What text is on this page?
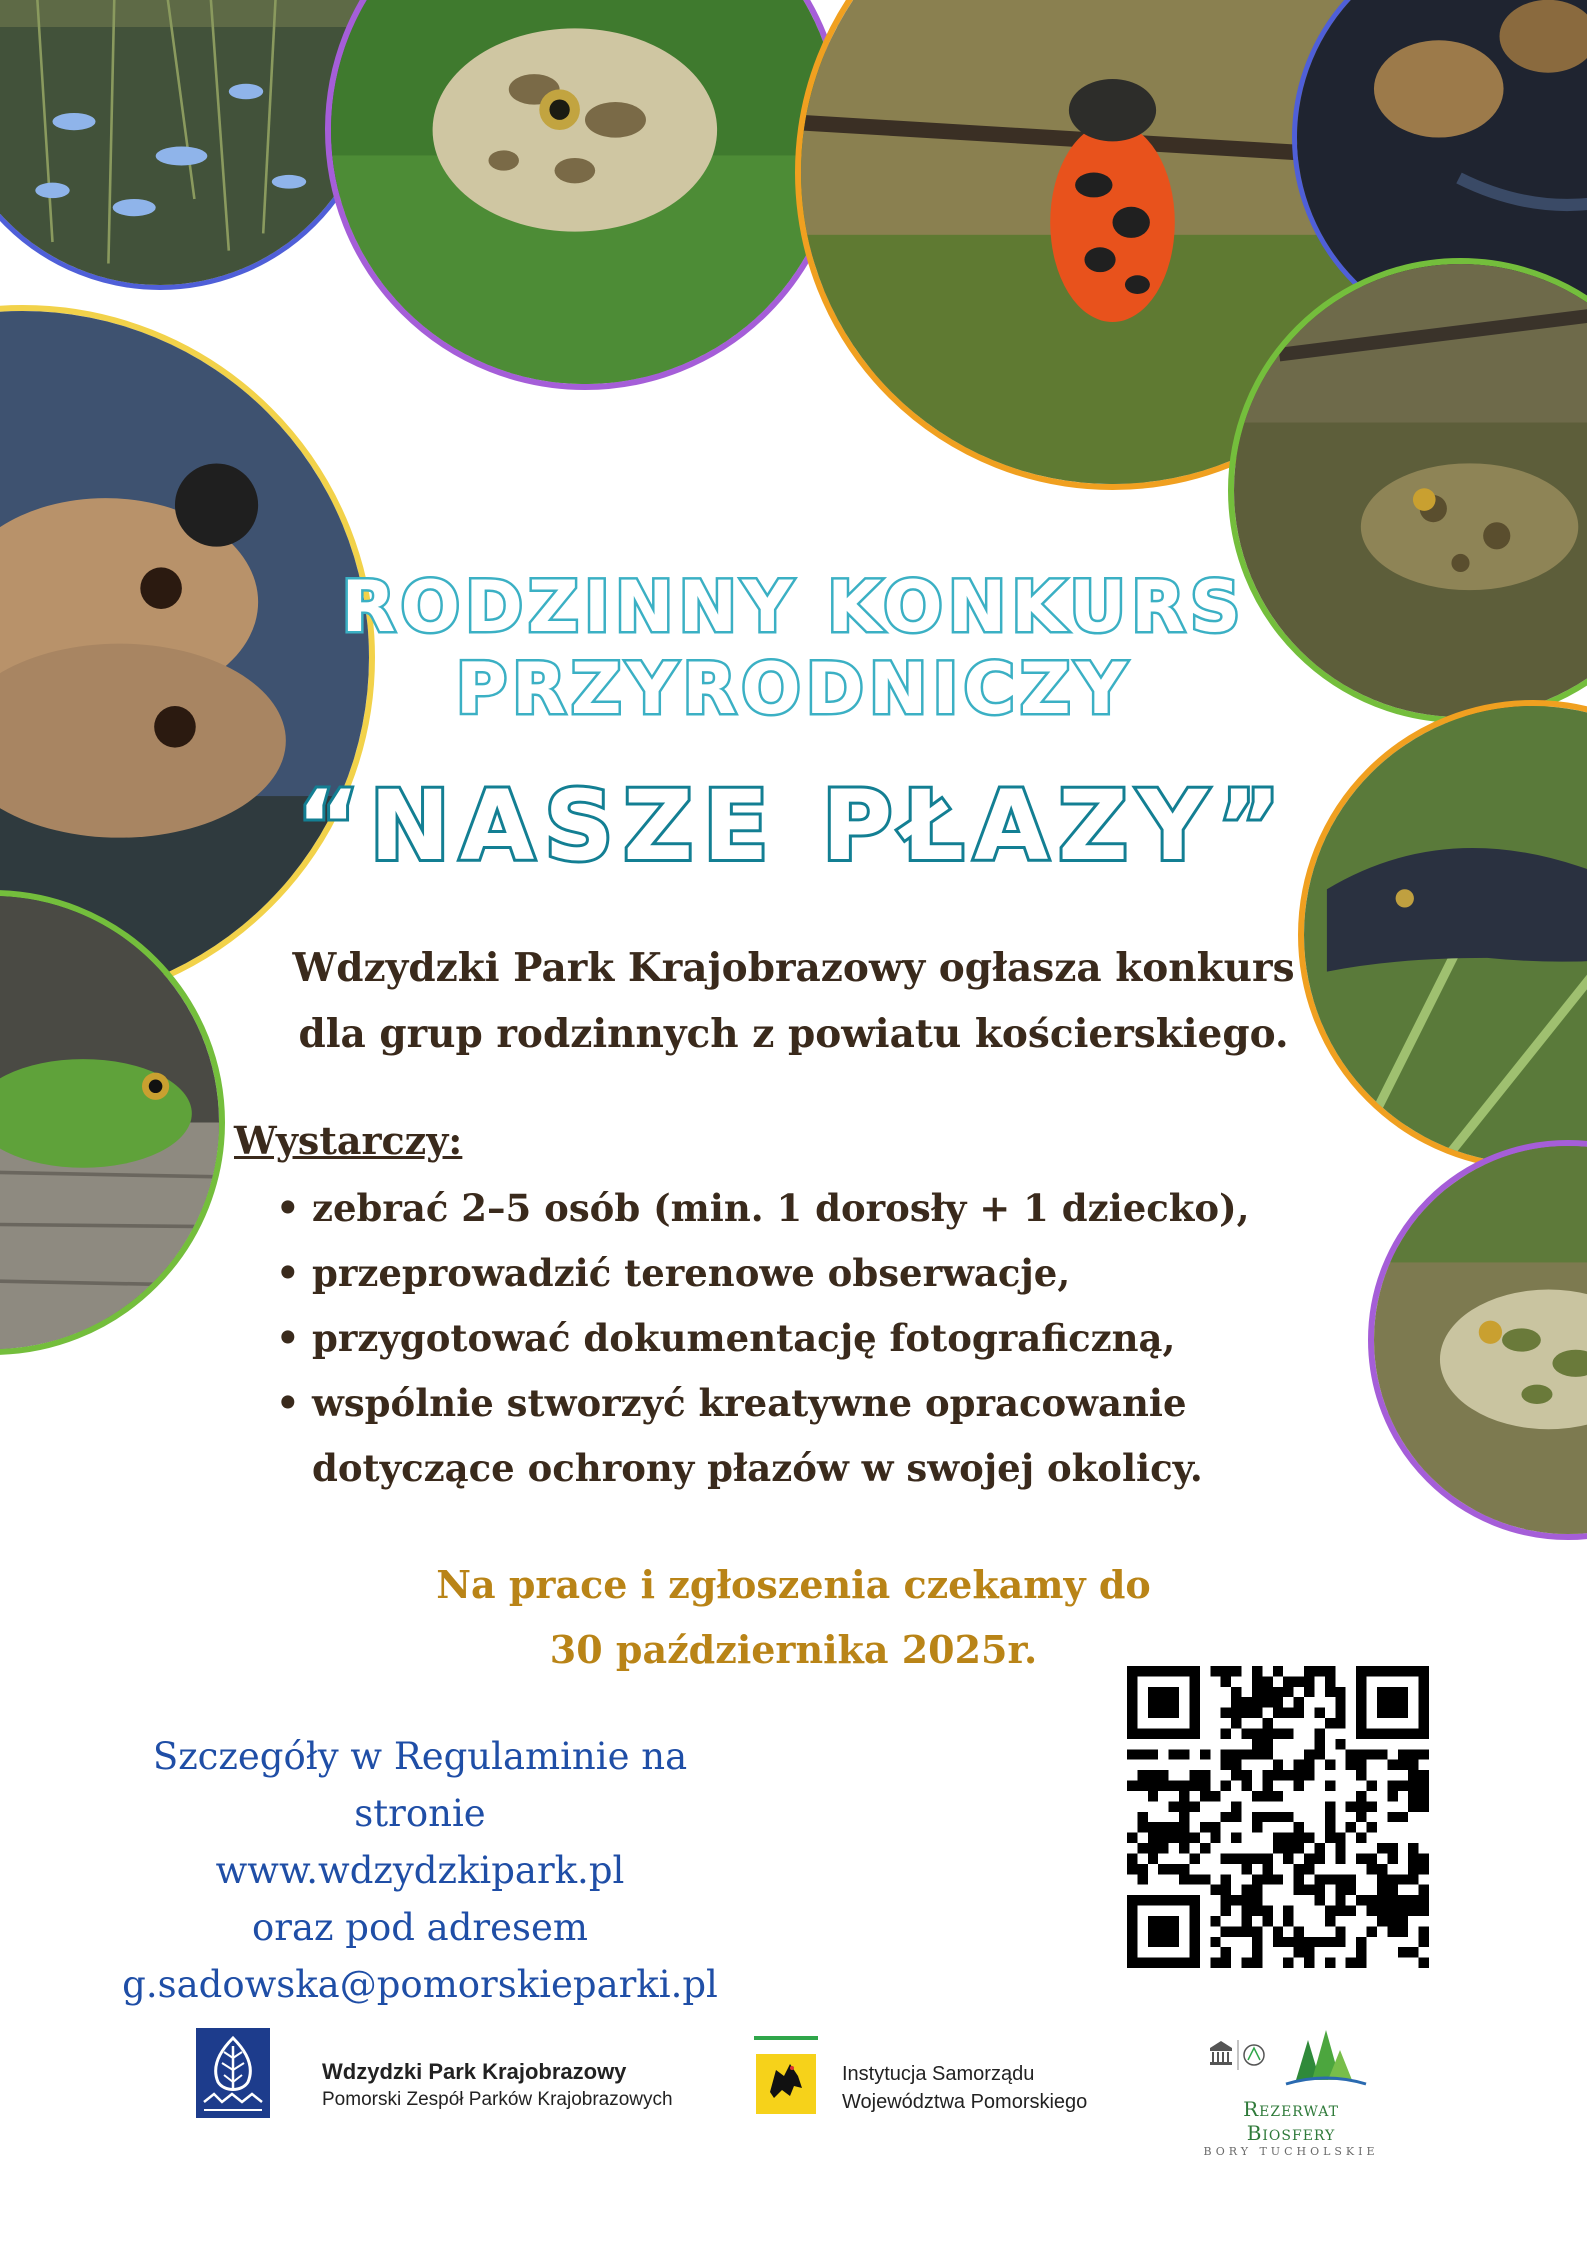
RODZINNY KONKURS
PRZYRODNICZY
“NASZE PŁAZY”
Wdzydzki Park Krajobrazowy ogłasza konkurs
dla grup rodzinnych z powiatu kościerskiego.
Wystarczy:
• zebrać 2–5 osób (min. 1 dorosły + 1 dziecko),
• przeprowadzić terenowe obserwacje,
• przygotować dokumentację fotograficzną,
• wspólnie stworzyć kreatywne opracowanie dotyczące ochrony płazów w swojej okolicy.
Na prace i zgłoszenia czekamy do
30 października 2025r.
Szczegóły w Regulaminie na stronie
www.wdzydzkipark.pl
oraz pod adresem
g.sadowska@pomorskieparki.pl
Wdzydzki Park Krajobrazowy
Pomorski Zespół Parków Krajobrazowych
Instytucja Samorządu
Województwa Pomorskiego	Rezerwat Biosfery
BORY TUCHOLSKIE
